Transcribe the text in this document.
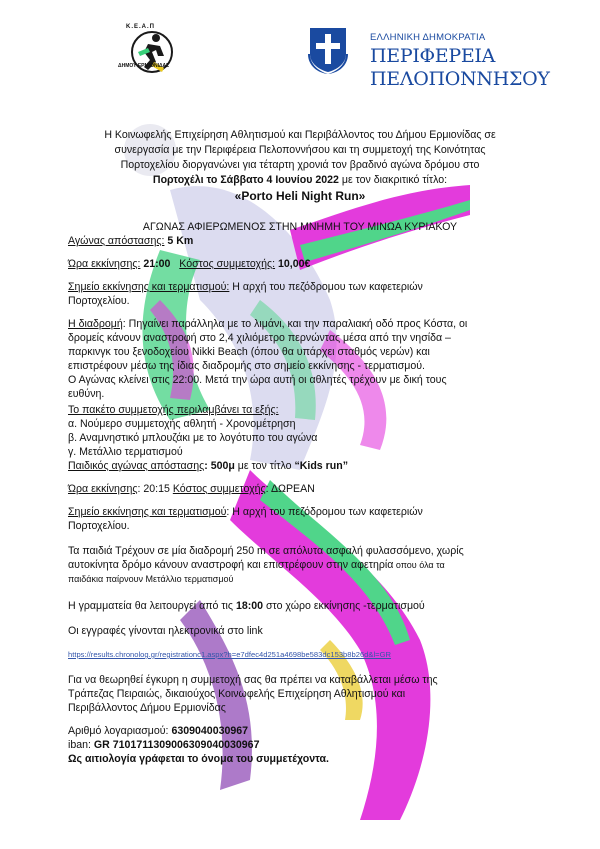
Κ.Ε.Α.Π
ΔΗΜΟΥ ΕΡΜΙΟΝΙΔΑΣ
ΕΛΛΗΝΙΚΗ ΔΗΜΟΚΡΑΤΙΑ
ΠΕΡΙΦΕΡΕΙΑ
ΠΕΛΟΠΟΝΝΗΣΟΥ
Η Κοινωφελής Επιχείρηση Αθλητισμού και Περιβάλλοντος του Δήμου Ερμιονίδας σε
συνεργασία με την Περιφέρεια Πελοποννήσου και τη συμμετοχή της Κοινότητας
Πορτοχελίου διοργανώνει για τέταρτη χρονιά τον βραδινό αγώνα δρόμου στο
Πορτοχέλι το Σάββατο 4 Ιουνίου 2022 με τον διακριτικό τίτλο:
«Porto Heli Night Run»
ΑΓΩΝΑΣ ΑΦΙΕΡΩΜΕΝΟΣ ΣΤΗΝ ΜΝΗΜΗ ΤΟΥ ΜΙΝΩΑ ΚΥΡΙΑΚΟΥ
Αγώνας απόστασης: 5 Km
Ώρα εκκίνησης: 21:00 Κόστος συμμετοχής: 10,00€
Σημείο εκκίνησης και τερματισμού: Η αρχή του πεζόδρομου των καφετεριών
Πορτοχελίου.
Η διαδρομή: Πηγαίνει παράλληλα με το λιμάνι, και την παραλιακή οδό προς Κόστα, οι
δρομείς κάνουν αναστροφή στο 2,4 χιλιόμετρο περνώντας μέσα από την νησίδα –
παρκινγκ του ξενοδοχείου Nikki Beach (όπου θα υπάρχει σταθμός νερών) και
επιστρέφουν μέσω της ίδιας διαδρομής στο σημείο εκκίνησης - τερματισμού.
Ο Αγώνας κλείνει στις 22:00. Μετά την ώρα αυτή οι αθλητές τρέχουν με δική τους
ευθύνη.
Το πακέτο συμμετοχής περιλαμβάνει τα εξής:
α. Νούμερο συμμετοχής αθλητή - Χρονομέτρηση
β. Αναμνηστικό μπλουζάκι με το λογότυπο του αγώνα
γ. Μετάλλιο τερματισμού
Παιδικός αγώνας απόστασης: 500μ με τον τίτλο “Kids run”
Ώρα εκκίνησης: 20:15 Κόστος συμμετοχής: ΔΩΡΕΑΝ
Σημείο εκκίνησης και τερματισμού: Η αρχή του πεζόδρομου των καφετεριών
Πορτοχελίου.
Τα παιδιά Τρέχουν σε μία διαδρομή 250 m σε απόλυτα ασφαλή φυλασσόμενο, χωρίς
αυτοκίνητα δρόμο κάνουν αναστροφή και επιστρέφουν στην αφετηρία οπου όλα τα
παιδάκια παίρνουν Μετάλλιο τερματισμού
Η γραμματεία θα λειτουργεί από τις 18:00 στο χώρο εκκίνησης -τερματισμού
Οι εγγραφές γίνονται ηλεκτρονικά στο link
https://results.chronolog.gr/registrationc1.aspx?h=e7dfec4d251a4698be583dc153b8b26d&l=GR
Για να θεωρηθεί έγκυρη η συμμετοχή σας θα πρέπει να καταβάλλεται μέσω της
Τράπεζας Πειραιώς, δικαιούχος Κοινωφελής Επιχείρηση Αθλητισμού και
Περιβάλλοντος Δήμου Ερμιονίδας
Αριθμό λογαριασμού: 6309040030967
iban: GR 7101711309006309040030967
Ως αιτιολογία γράφεται το όνομα του συμμετέχοντα.
